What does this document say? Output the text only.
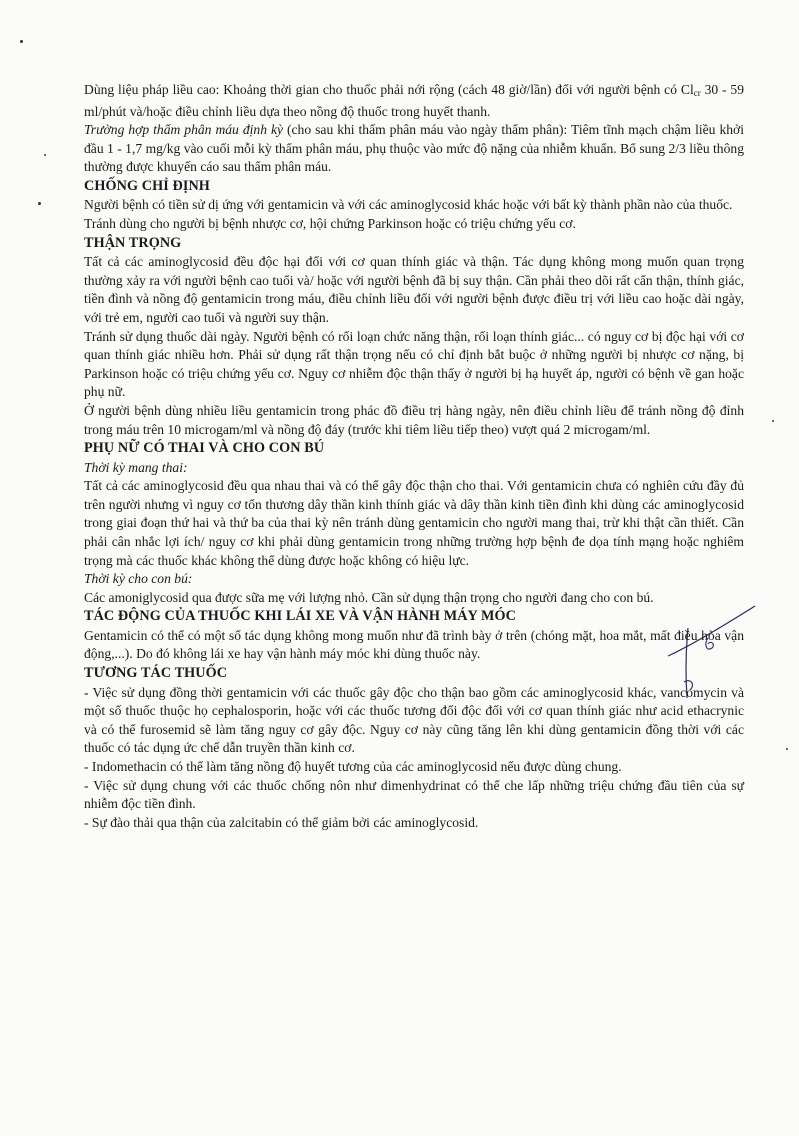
Dùng liệu pháp liều cao: Khoảng thời gian cho thuốc phải nới rộng (cách 48 giờ/lần) đối với người bệnh có $Cl_{cr}$ 30 - 59 ml/phút và/hoặc điều chỉnh liều dựa theo nồng độ thuốc trong huyết thanh.

Trường hợp thẩm phân máu định kỳ (cho sau khi thẩm phân máu vào ngày thẩm phân): Tiêm tĩnh mạch chậm liều khởi đầu 1 - 1,7 mg/kg vào cuối mỗi kỳ thẩm phân máu, phụ thuộc vào mức độ nặng của nhiễm khuẩn. Bổ sung 2/3 liều thông thường được khuyến cáo sau thẩm phân máu.

CHỐNG CHỈ ĐỊNH

Người bệnh có tiền sử dị ứng với gentamicin và với các aminoglycosid khác hoặc với bất kỳ thành phần nào của thuốc.

Tránh dùng cho người bị bệnh nhược cơ, hội chứng Parkinson hoặc có triệu chứng yếu cơ.

THẬN TRỌNG

Tất cả các aminoglycosid đều độc hại đối với cơ quan thính giác và thận. Tác dụng không mong muốn quan trọng thường xảy ra với người bệnh cao tuổi và/ hoặc với người bệnh đã bị suy thận. Cần phải theo dõi rất cẩn thận, thính giác, tiền đình và nồng độ gentamicin trong máu, điều chỉnh liều đối với người bệnh được điều trị với liều cao hoặc dài ngày, với trẻ em, người cao tuổi và người suy thận.

Tránh sử dụng thuốc dài ngày. Người bệnh có rối loạn chức năng thận, rối loạn thính giác... có nguy cơ bị độc hại với cơ quan thính giác nhiều hơn. Phải sử dụng rất thận trọng nếu có chỉ định bắt buộc ở những người bị nhược cơ nặng, bị Parkinson hoặc có triệu chứng yếu cơ. Nguy cơ nhiễm độc thận thấy ở người bị hạ huyết áp, người có bệnh về gan hoặc phụ nữ.

Ở người bệnh dùng nhiều liều gentamicin trong phác đồ điều trị hàng ngày, nên điều chỉnh liều để tránh nồng độ đỉnh trong máu trên 10 microgam/ml và nồng độ đáy (trước khi tiêm liều tiếp theo) vượt quá 2 microgam/ml.

PHỤ NỮ CÓ THAI VÀ CHO CON BÚ

Thời kỳ mang thai:

Tất cả các aminoglycosid đều qua nhau thai và có thể gây độc thận cho thai. Với gentamicin chưa có nghiên cứu đầy đủ trên người nhưng vì nguy cơ tổn thương dây thần kinh thính giác và dây thần kinh tiền đình khi dùng các aminoglycosid trong giai đoạn thứ hai và thứ ba của thai kỳ nên tránh dùng gentamicin cho người mang thai, trừ khi thật cần thiết. Cần phải cân nhắc lợi ích/ nguy cơ khi phải dùng gentamicin trong những trường hợp bệnh đe dọa tính mạng hoặc nghiêm trọng mà các thuốc khác không thể dùng được hoặc không có hiệu lực.

Thời kỳ cho con bú:

Các amoniglycosid qua được sữa mẹ với lượng nhỏ. Cần sử dụng thận trọng cho người đang cho con bú.

TÁC ĐỘNG CỦA THUỐC KHI LÁI XE VÀ VẬN HÀNH MÁY MÓC

Gentamicin có thể có một số tác dụng không mong muốn như đã trình bày ở trên (chóng mặt, hoa mắt, mất điều hòa vận động,...). Do đó không lái xe hay vận hành máy móc khi dùng thuốc này.

TƯƠNG TÁC THUỐC

- Việc sử dụng đồng thời gentamicin với các thuốc gây độc cho thận bao gồm các aminoglycosid khác, vancomycin và một số thuốc thuộc họ cephalosporin, hoặc với các thuốc tương đối độc đối với cơ quan thính giác như acid ethacrynic và có thể furosemid sẽ làm tăng nguy cơ gây độc. Nguy cơ này cũng tăng lên khi dùng gentamicin đồng thời với các thuốc có tác dụng ức chế dẫn truyền thần kinh cơ.

- Indomethacin có thể làm tăng nồng độ huyết tương của các aminoglycosid nếu được dùng chung.

- Việc sử dụng chung với các thuốc chống nôn như dimenhydrinat có thể che lấp những triệu chứng đầu tiên của sự nhiễm độc tiền đình.

- Sự đào thải qua thận của zalcitabin có thể giảm bởi các aminoglycosid.
